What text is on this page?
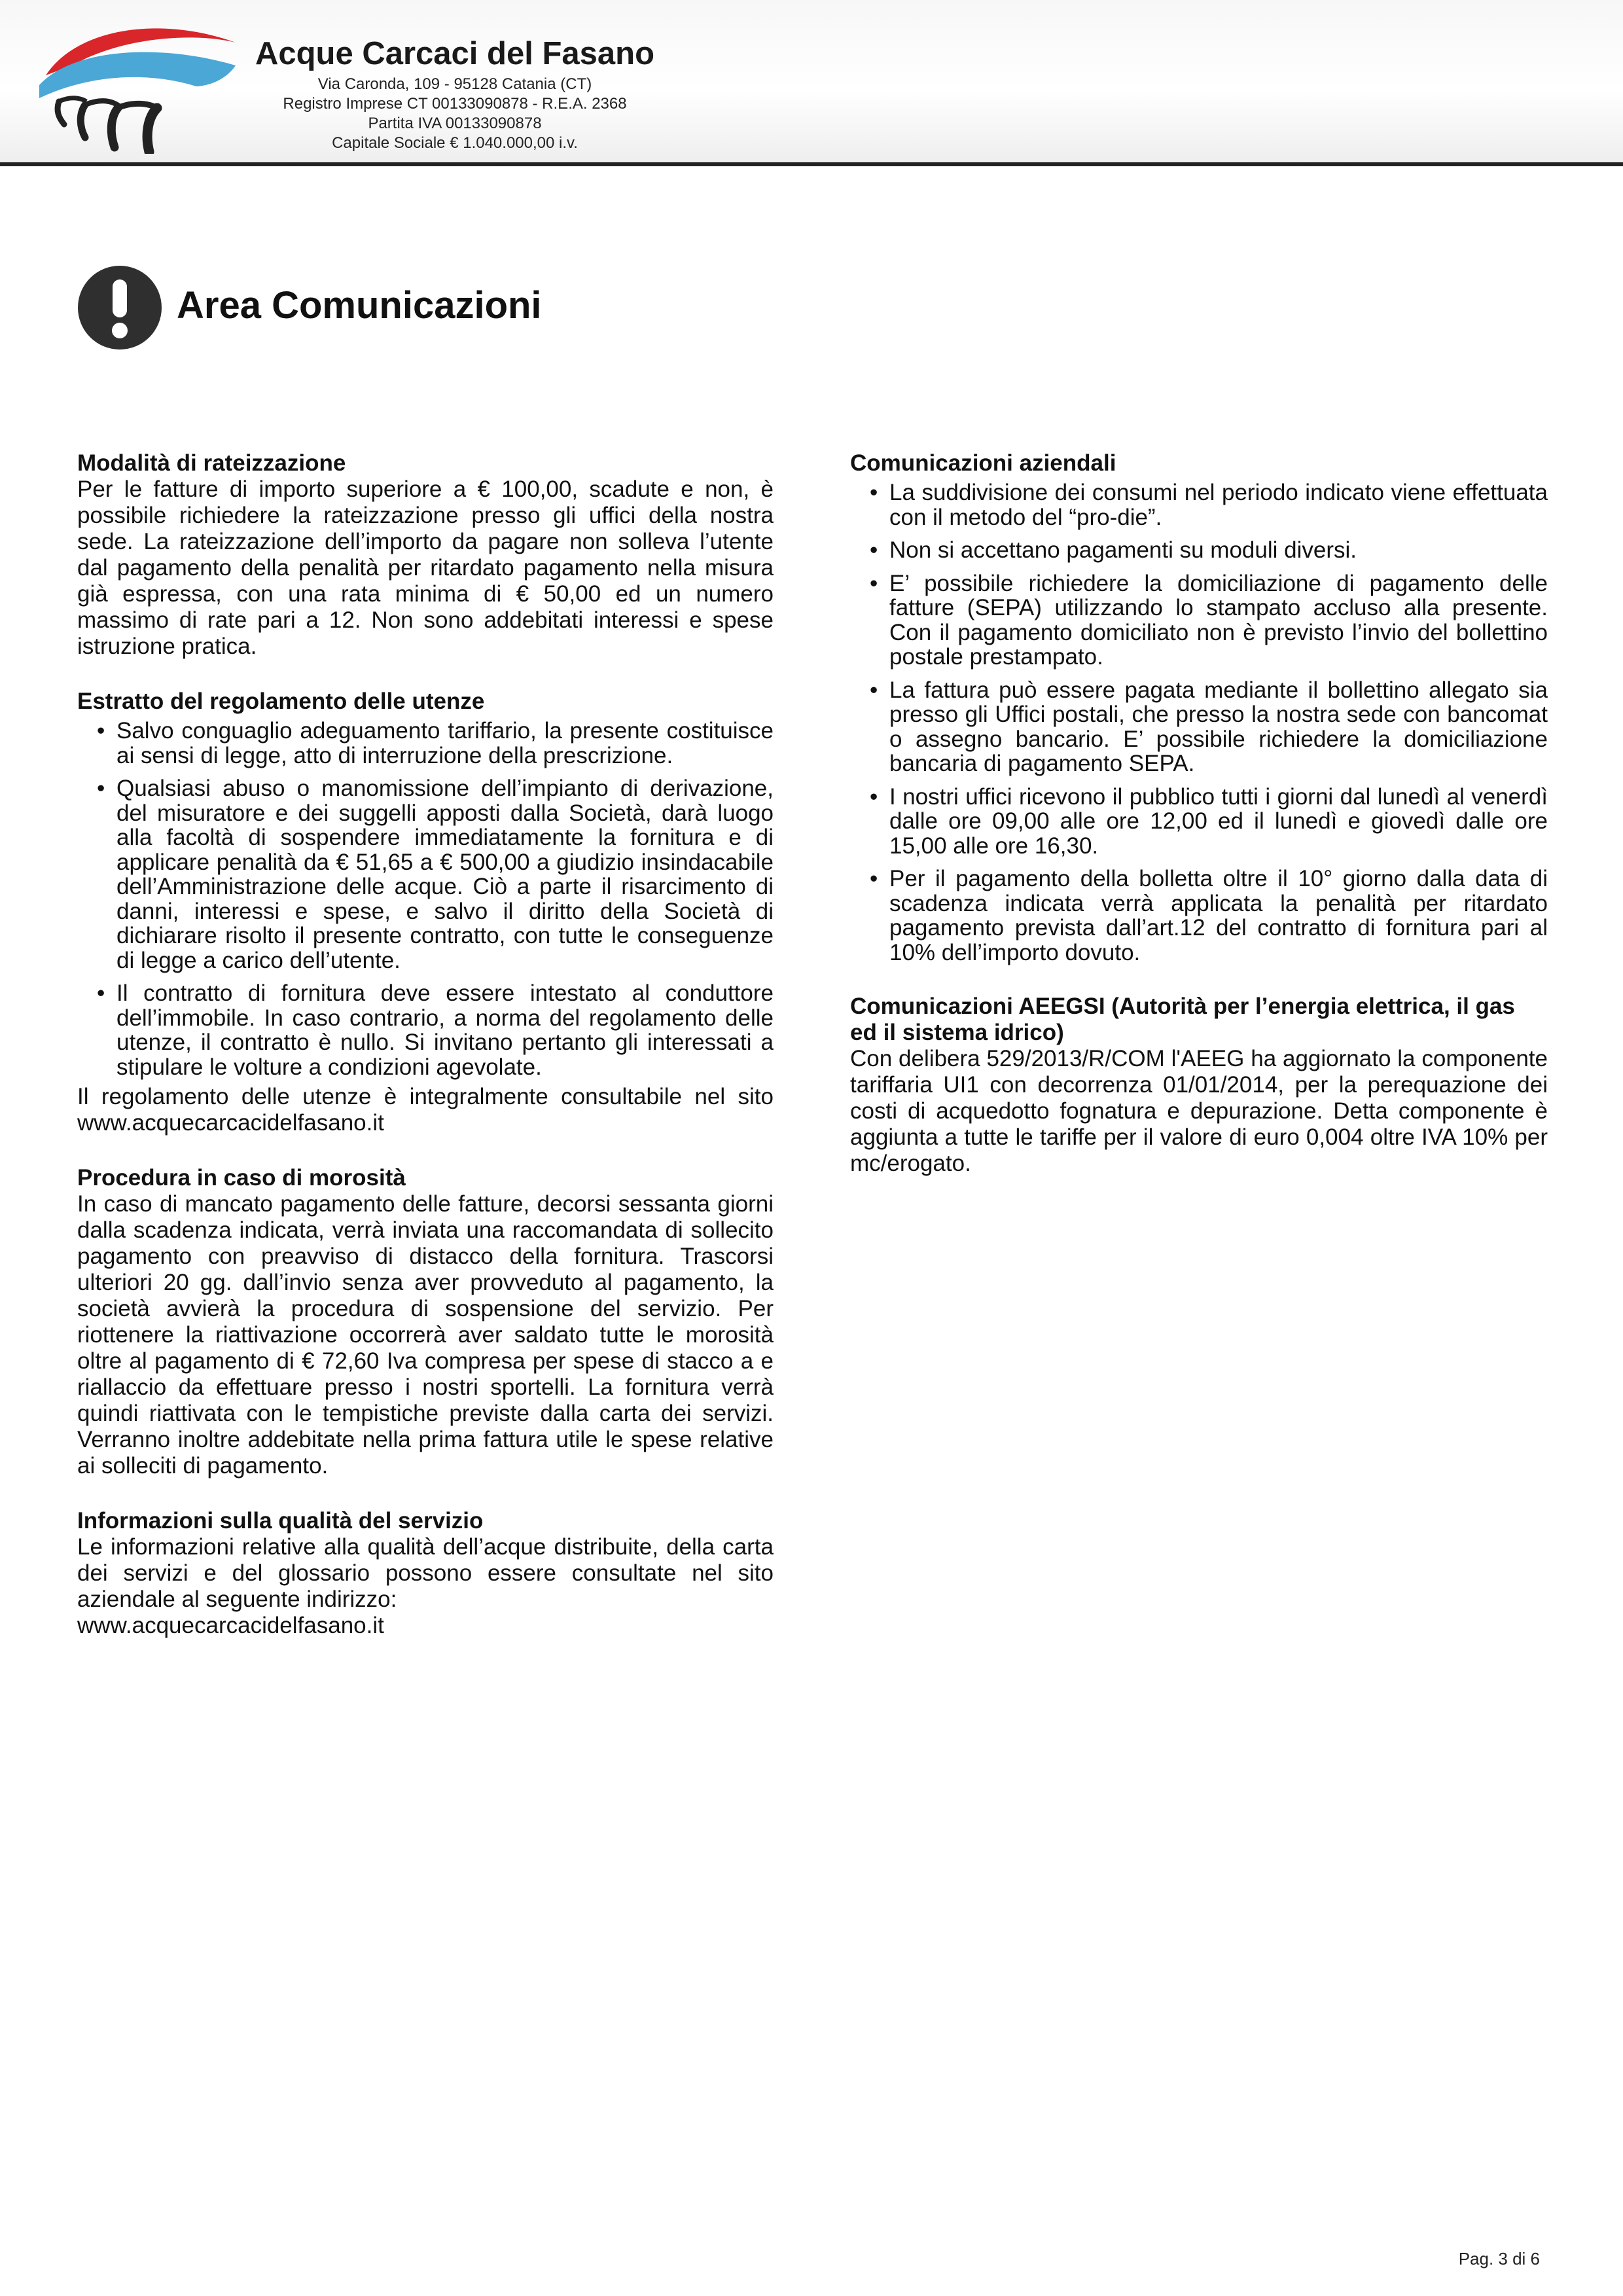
Acque Carcaci del Fasano
Via Caronda, 109 - 95128 Catania (CT)
Registro Imprese CT 00133090878 - R.E.A. 2368
Partita IVA 00133090878
Capitale Sociale € 1.040.000,00 i.v.
Area Comunicazioni
Modalità di rateizzazione

Per le fatture di importo superiore a € 100,00, scadute e non, è possibile richiedere la rateizzazione presso gli uffici della nostra sede. La rateizzazione dell’importo da pagare non solleva l’utente dal pagamento della penalità per ritardato pagamento nella misura già espressa, con una rata minima di € 50,00 ed un numero massimo di rate pari a 12. Non sono addebitati interessi e spese istruzione pratica.

Estratto del regolamento delle utenze
• Salvo conguaglio adeguamento tariffario, la presente costituisce ai sensi di legge, atto di interruzione della prescrizione.
• Qualsiasi abuso o manomissione dell’impianto di derivazione, del misuratore e dei suggelli apposti dalla Società, darà luogo alla facoltà di sospendere immediatamente la fornitura e di applicare penalità da € 51,65 a € 500,00 a giudizio insindacabile dell’Amministrazione delle acque. Ciò a parte il risarcimento di danni, interessi e spese, e salvo il diritto della Società di dichiarare risolto il presente contratto, con tutte le conseguenze di legge a carico dell’utente.
• Il contratto di fornitura deve essere intestato al conduttore dell’immobile. In caso contrario, a norma del regolamento delle utenze, il contratto è nullo. Si invitano pertanto gli interessati a stipulare le volture a condizioni agevolate.

Il regolamento delle utenze è integralmente consultabile nel sito www.acquecarcacidelfasano.it

Procedura in caso di morosità

In caso di mancato pagamento delle fatture, decorsi sessanta giorni dalla scadenza indicata, verrà inviata una raccomandata di sollecito pagamento con preavviso di distacco della fornitura. Trascorsi ulteriori 20 gg. dall’invio senza aver provveduto al pagamento, la società avvierà la procedura di sospensione del servizio. Per riottenere la riattivazione occorrerà aver saldato tutte le morosità oltre al pagamento di € 72,60 Iva compresa per spese di stacco a e riallaccio da effettuare presso i nostri sportelli. La fornitura verrà quindi riattivata con le tempistiche previste dalla carta dei servizi. Verranno inoltre addebitate nella prima fattura utile le spese relative ai solleciti di pagamento.

Informazioni sulla qualità del servizio

Le informazioni relative alla qualità dell’acque distribuite, della carta dei servizi e del glossario possono essere consultate nel sito aziendale al seguente indirizzo:

www.acquecarcacidelfasano.it
Comunicazioni aziendali
• La suddivisione dei consumi nel periodo indicato viene effettuata con il metodo del “pro-die”.
• Non si accettano pagamenti su moduli diversi.
• E’ possibile richiedere la domiciliazione di pagamento delle fatture (SEPA) utilizzando lo stampato accluso alla presente. Con il pagamento domiciliato non è previsto l’invio del bollettino postale prestampato.
• La fattura può essere pagata mediante il bollettino allegato sia presso gli Uffici postali, che presso la nostra sede con bancomat o assegno bancario. E’ possibile richiedere la domiciliazione bancaria di pagamento SEPA.
• I nostri uffici ricevono il pubblico tutti i giorni dal lunedì al venerdì dalle ore 09,00 alle ore 12,00 ed il lunedì e giovedì dalle ore 15,00 alle ore 16,30.
• Per il pagamento della bolletta oltre il 10° giorno dalla data di scadenza indicata verrà applicata la penalità per ritardato pagamento prevista dall’art.12 del contratto di fornitura pari al 10% dell’importo dovuto.
Comunicazioni AEEGSI (Autorità per l’energia elettrica, il gas ed il sistema idrico)

Con delibera 529/2013/R/COM l'AEEG ha aggiornato la componente tariffaria UI1 con decorrenza 01/01/2014, per la perequazione dei costi di acquedotto fognatura e depurazione. Detta componente è aggiunta a tutte le tariffe per il valore di euro 0,004 oltre IVA 10% per mc/erogato.

Pag. 3 di 6
